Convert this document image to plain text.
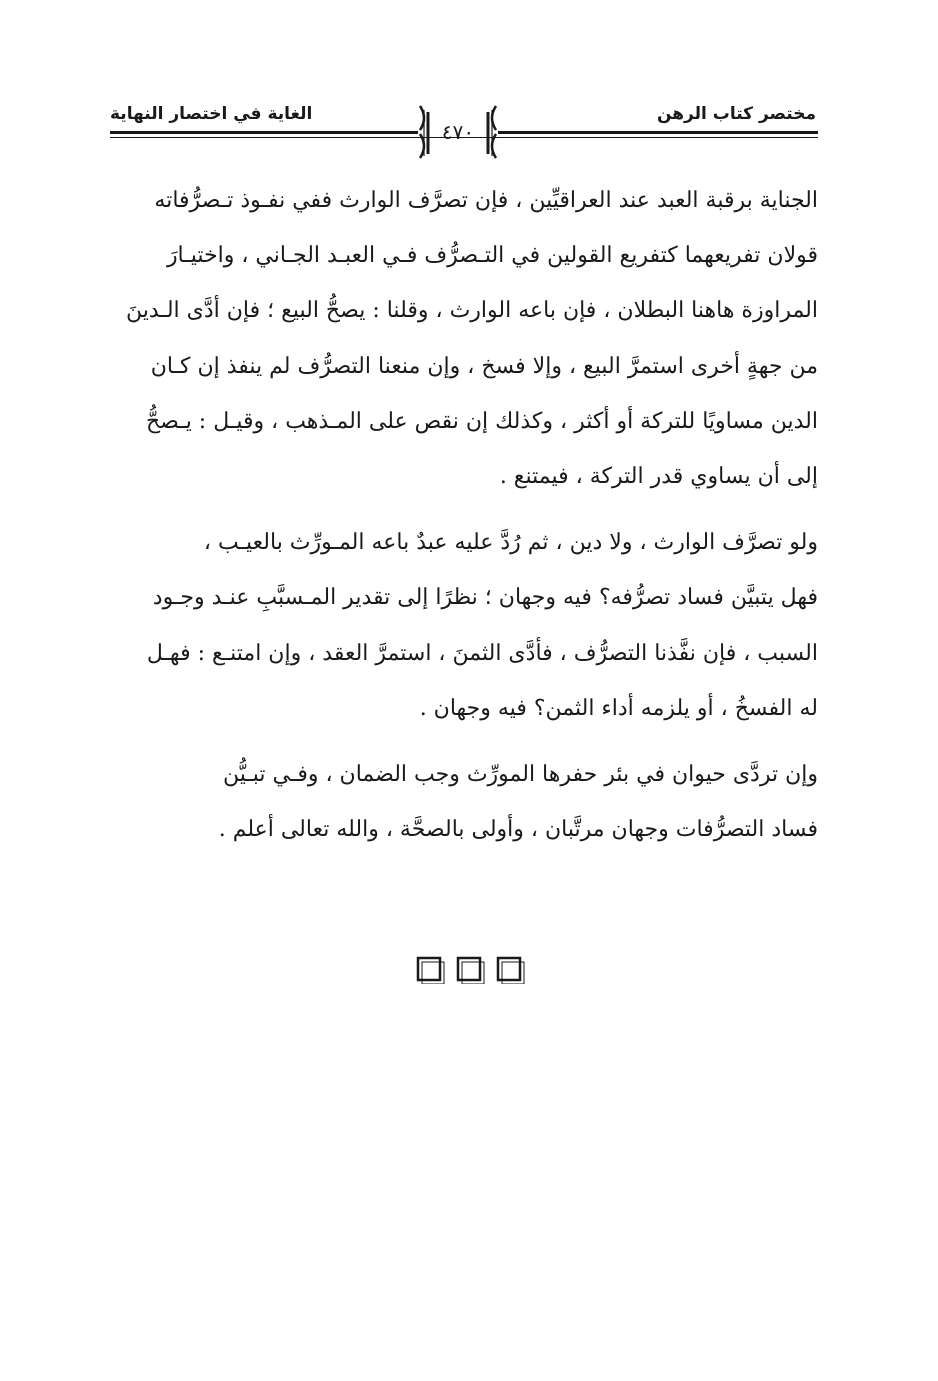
مختصر كتاب الرهن
الغاية في اختصار النهاية
٤٧٠

الجناية برقبة العبد عند العراقيِّين ، فإن تصرَّف الوارث ففي نفـوذ تـصرُّفاته
قولان تفريعهما كتفريع القولين في التـصرُّف فـي العبـد الجـاني ، واختيـارَ
المراوزة هاهنا البطلان ، فإن باعه الوارث ، وقلنا : يصحُّ البيع ؛ فإن أدَّى الـدينَ
من جهةٍ أخرى استمرَّ البيع ، وإلا فسخ ، وإن منعنا التصرُّف لم ينفذ إن كـان
الدين مساويًا للتركة أو أكثر ، وكذلك إن نقص على المـذهب ، وقيـل : يـصحُّ
إلى أن يساوي قدر التركة ، فيمتنع .

ولو تصرَّف الوارث ، ولا دين ، ثم رُدَّ عليه عبدٌ باعه المـورِّث بالعيـب ،
فهل يتبيَّن فساد تصرُّفه؟ فيه وجهان ؛ نظرًا إلى تقدير المـسبَّبِ عنـد وجـود
السبب ، فإن نفَّذنا التصرُّف ، فأدَّى الثمنَ ، استمرَّ العقد ، وإن امتنـع : فهـل
له الفسخُ ، أو يلزمه أداء الثمن؟ فيه وجهان .

وإن تردَّى حيوان في بئر حفرها المورِّث وجب الضمان ، وفـي تبـيُّن
فساد التصرُّفات وجهان مرتَّبان ، وأولى بالصحَّة ، والله تعالى أعلم .
